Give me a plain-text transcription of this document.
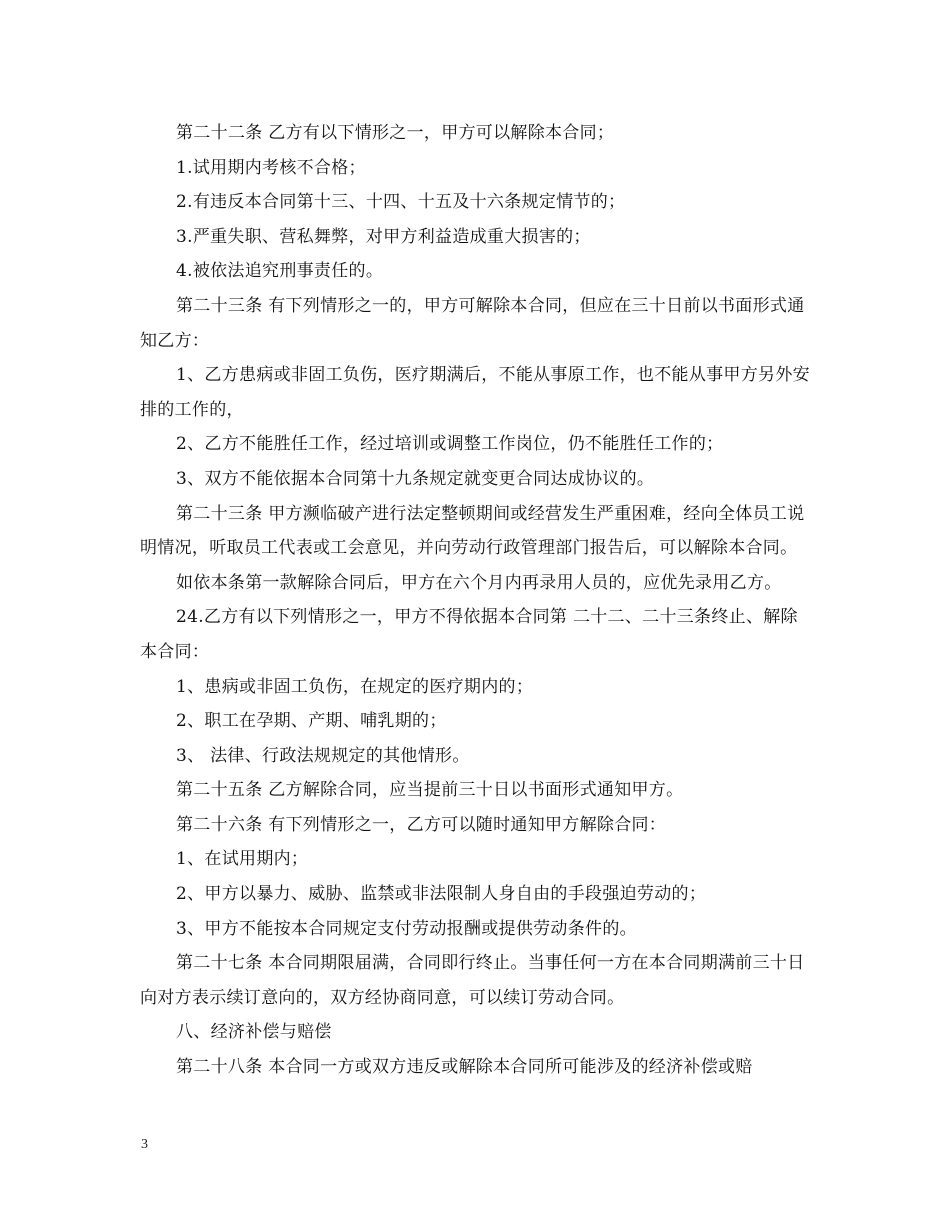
第二十二条 乙方有以下情形之一，甲方可以解除本合同；

1.试用期内考核不合格；

2.有违反本合同第十三、十四、十五及十六条规定情节的；

3.严重失职、营私舞弊，对甲方利益造成重大损害的；

4.被依法追究刑事责任的。

第二十三条 有下列情形之一的，甲方可解除本合同，但应在三十日前以书面形式通知乙方：

1、乙方患病或非固工负伤，医疗期满后，不能从事原工作，也不能从事甲方另外安排的工作的，

2、乙方不能胜任工作，经过培训或调整工作岗位，仍不能胜任工作的；

3、双方不能依据本合同第十九条规定就变更合同达成协议的。

第二十三条 甲方濒临破产进行法定整顿期间或经营发生严重困难，经向全体员工说明情况，听取员工代表或工会意见，并向劳动行政管理部门报告后，可以解除本合同。

如依本条第一款解除合同后，甲方在六个月内再录用人员的，应优先录用乙方。

24.乙方有以下列情形之一，甲方不得依据本合同第 二十二、二十三条终止、解除本合同：

1、患病或非固工负伤，在规定的医疗期内的；

2、职工在孕期、产期、哺乳期的；

3、 法律、行政法规规定的其他情形。

第二十五条 乙方解除合同，应当提前三十日以书面形式通知甲方。

第二十六条 有下列情形之一，乙方可以随时通知甲方解除合同：

1、在试用期内；

2、甲方以暴力、威胁、监禁或非法限制人身自由的手段强迫劳动的；

3、甲方不能按本合同规定支付劳动报酬或提供劳动条件的。

第二十七条 本合同期限届满，合同即行终止。当事任何一方在本合同期满前三十日向对方表示续订意向的，双方经协商同意，可以续订劳动合同。

八、经济补偿与赔偿

第二十八条 本合同一方或双方违反或解除本合同所可能涉及的经济补偿或赔

3
